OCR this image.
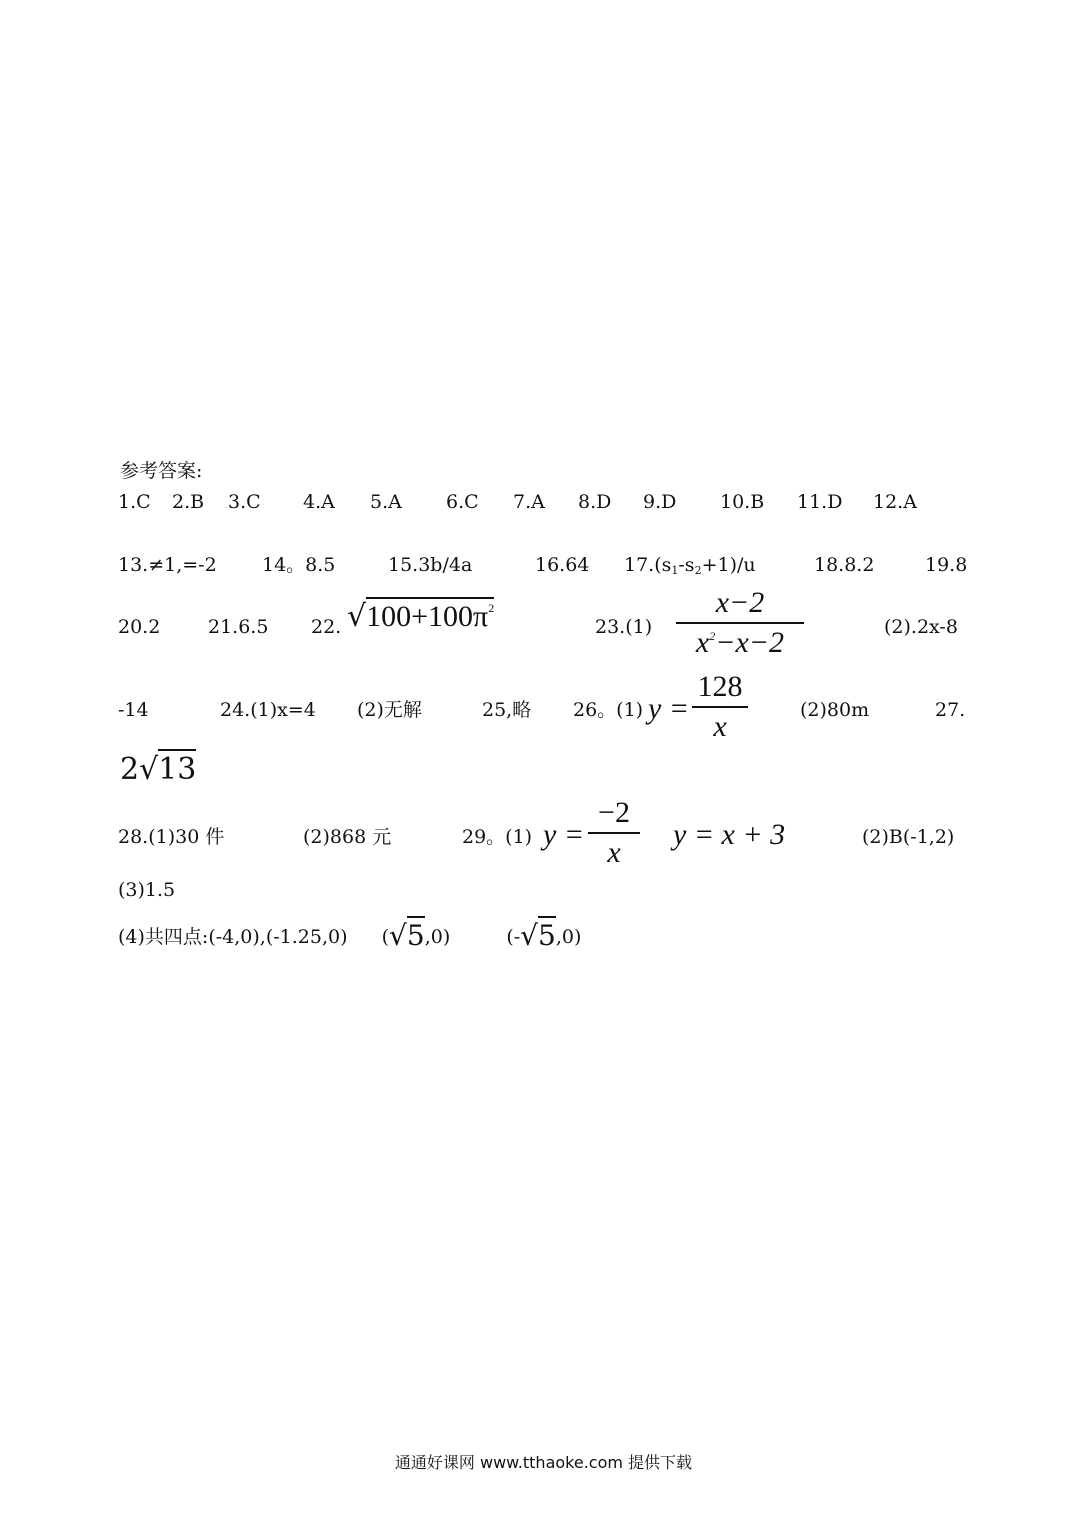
参考答案:
1.C 2.B 3.C 4.A 5.A 6.C 7.A 8.D 9.D 10.B 11.D 12.A
13.≠1,=-2 14。8.5	15.3b/4a	16.64 $17.(s_1-s_2+1)/u$	18.8.2	19.8
20.2	21.6.5 22. $√100+100\pi^2$
23.(1)
x−2
$x^2-x-2$	(2).2x-8
-14	24.(1)x=4 (2)无解	25,略 26。(1) y =
128
x	(2)80m	27.
2√13
28.(1)30 件	(2)868 元	29。(1) y =
−2
x
y = x + 3	(2)B(-1,2)
(3)1.5
(4)共四点:(-4,0),(-1.25,0) (√5,0)	(-√5,0)
通通好课网 www.tthaoke.com 提供下载
